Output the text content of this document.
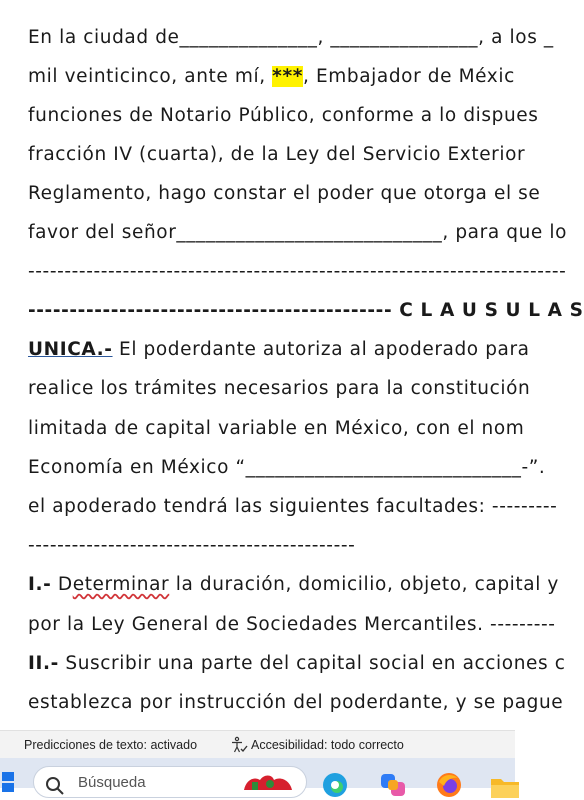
En la ciudad de______________, _______________, a los _
mil veinticinco, ante mí, ***, Embajador de Méxic
funciones de Notario Público, conforme a lo dispues
fracción IV (cuarta), de la Ley del Servicio Exterior
Reglamento, hago constar el poder que otorga el se
favor del señor___________________________, para que lo
--------------------------------------------------------------------------
-------------------------------------------- C L A U S U L A S
UNICA.- El poderdante autoriza al apoderado para
realice los trámites necesarios para la constitución
limitada de capital variable en México, con el nom
Economía en México “____________________________-”.
el apoderado tendrá las siguientes facultades: ---------
---------------------------------------------
I.- Determinar la duración, domicilio, objeto, capital y
por la Ley General de Sociedades Mercantiles. ---------
II.- Suscribir una parte del capital social en acciones c
establezca por instrucción del poderdante, y se pague
Predicciones de texto: activado	Accesibilidad: todo correcto
Búsqueda
